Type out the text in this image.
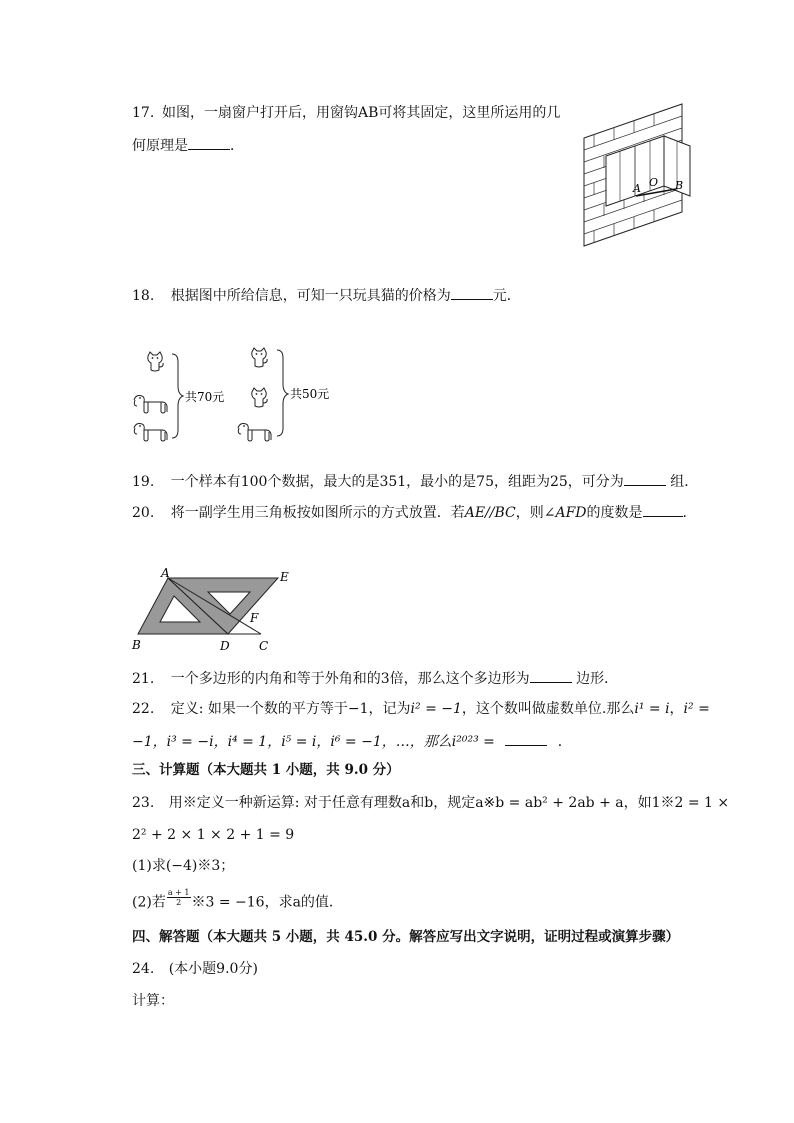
17. 如图，一扇窗户打开后，用窗钩AB可将其固定，这里所运用的几
何原理是	．
A O B
18. 根据图中所给信息，可知一只玩具猫的价格为	元．
共70元	共50元
19. 一个样本有100个数据，最大的是351，最小的是75，组距为25，可分为	组．
20. 将一副学生用三角板按如图所示的方式放置．若AE//BC，则∠AFD的度数是	．
A	E
F
B	D C
21. 一个多边形的内角和等于外角和的3倍，那么这个多边形为	边形．
22. 定义: 如果一个数的平方等于−1，记为i² = −1，这个数叫做虚数单位.那么i¹ = i，i² =
−1，i³ = −i，i⁴ = 1，i⁵ = i，i⁶ = −1，…，那么i²⁰²³ =	．
三、计算题（本大题共 1 小题，共 9.0 分）
23. 用※定义一种新运算: 对于任意有理数a和b，规定a※b = ab² + 2ab + a，如1※2 = 1 ×
2² + 2 × 1 × 2 + 1 = 9
(1)求(−4)※3；
(2)若 $\frac{a + 1}{2}$ ※3 = −16，求a的值．
四、解答题（本大题共 5 小题，共 45.0 分。解答应写出文字说明，证明过程或演算步骤）
24. (本小题9.0分)
计算：
